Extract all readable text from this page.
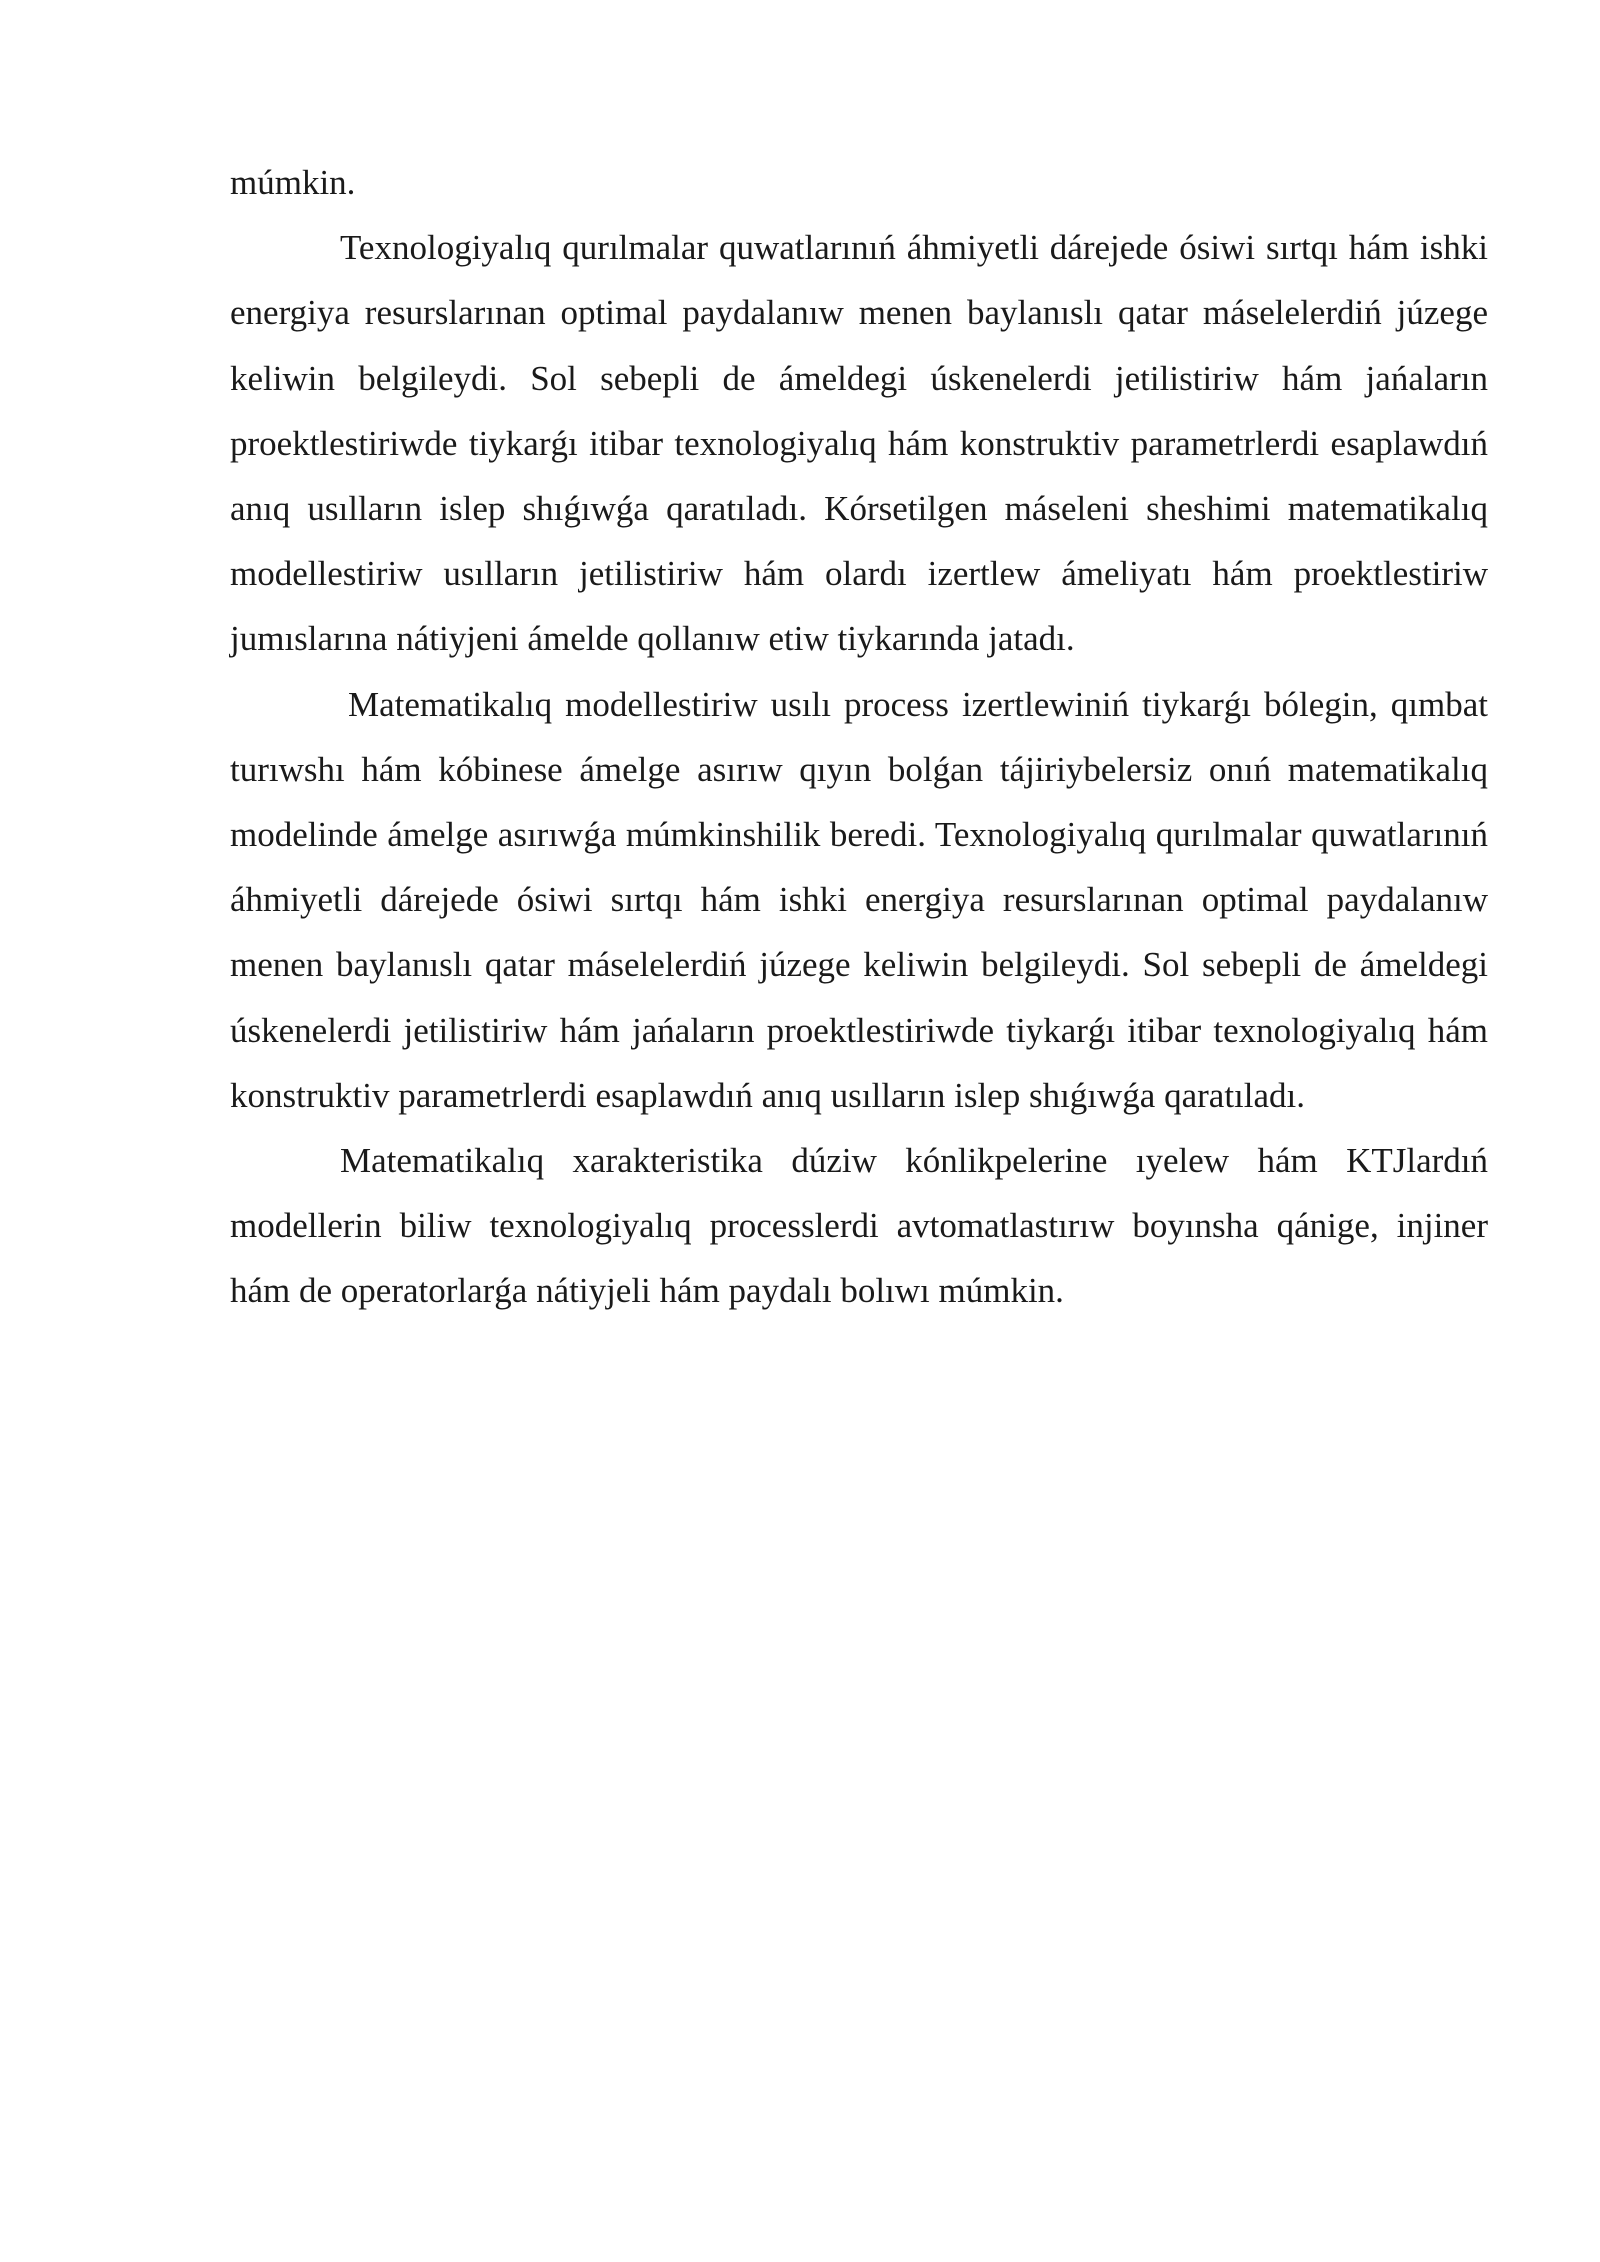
múmkin.

Texnologiyalıq qurılmalar quwatlarınıń áhmiyetli dárejede ósiwi sırtqı hám ishki energiya resurslarınan optimal paydalanıw menen baylanıslı qatar máselelerdiń júzege keliwin belgileydi. Sol sebepli de ámeldegi úskenelerdi jetilistiriw hám jańaların proektlestiriwde tiykarǵı itibar texnologiyalıq hám konstruktiv parametrlerdi esaplawdıń anıq usılların islep shıǵıwǵa qaratıladı. Kórsetilgen máseleni sheshimi matematikalıq modellestiriw usılların jetilistiriw hám olardı izertlew ámeliyatı hám proektlestiriw jumıslarına nátiyjeni ámelde qollanıw etiw tiykarında jatadı.

Matematikalıq modellestiriw usılı process izertlewiniń tiykarǵı bólegin, qımbat turıwshı hám kóbinese ámelge asırıw qıyın bolǵan tájiriybelersiz onıń matematikalıq modelinde ámelge asırıwǵa múmkinshilik beredi. Texnologiyalıq qurılmalar quwatlarınıń áhmiyetli dárejede ósiwi sırtqı hám ishki energiya resurslarınan optimal paydalanıw menen baylanıslı qatar máselelerdiń júzege keliwin belgileydi. Sol sebepli de ámeldegi úskenelerdi jetilistiriw hám jańaların proektlestiriwde tiykarǵı itibar texnologiyalıq hám konstruktiv parametrlerdi esaplawdıń anıq usılların islep shıǵıwǵa qaratıladı.

Matematikalıq xarakteristika dúziw kónlikpelerine ıyelew hám KTJlardıń modellerin biliw texnologiyalıq processlerdi avtomatlastırıw boyınsha qánige, injiner hám de operatorlarǵa nátiyjeli hám paydalı bolıwı múmkin.
